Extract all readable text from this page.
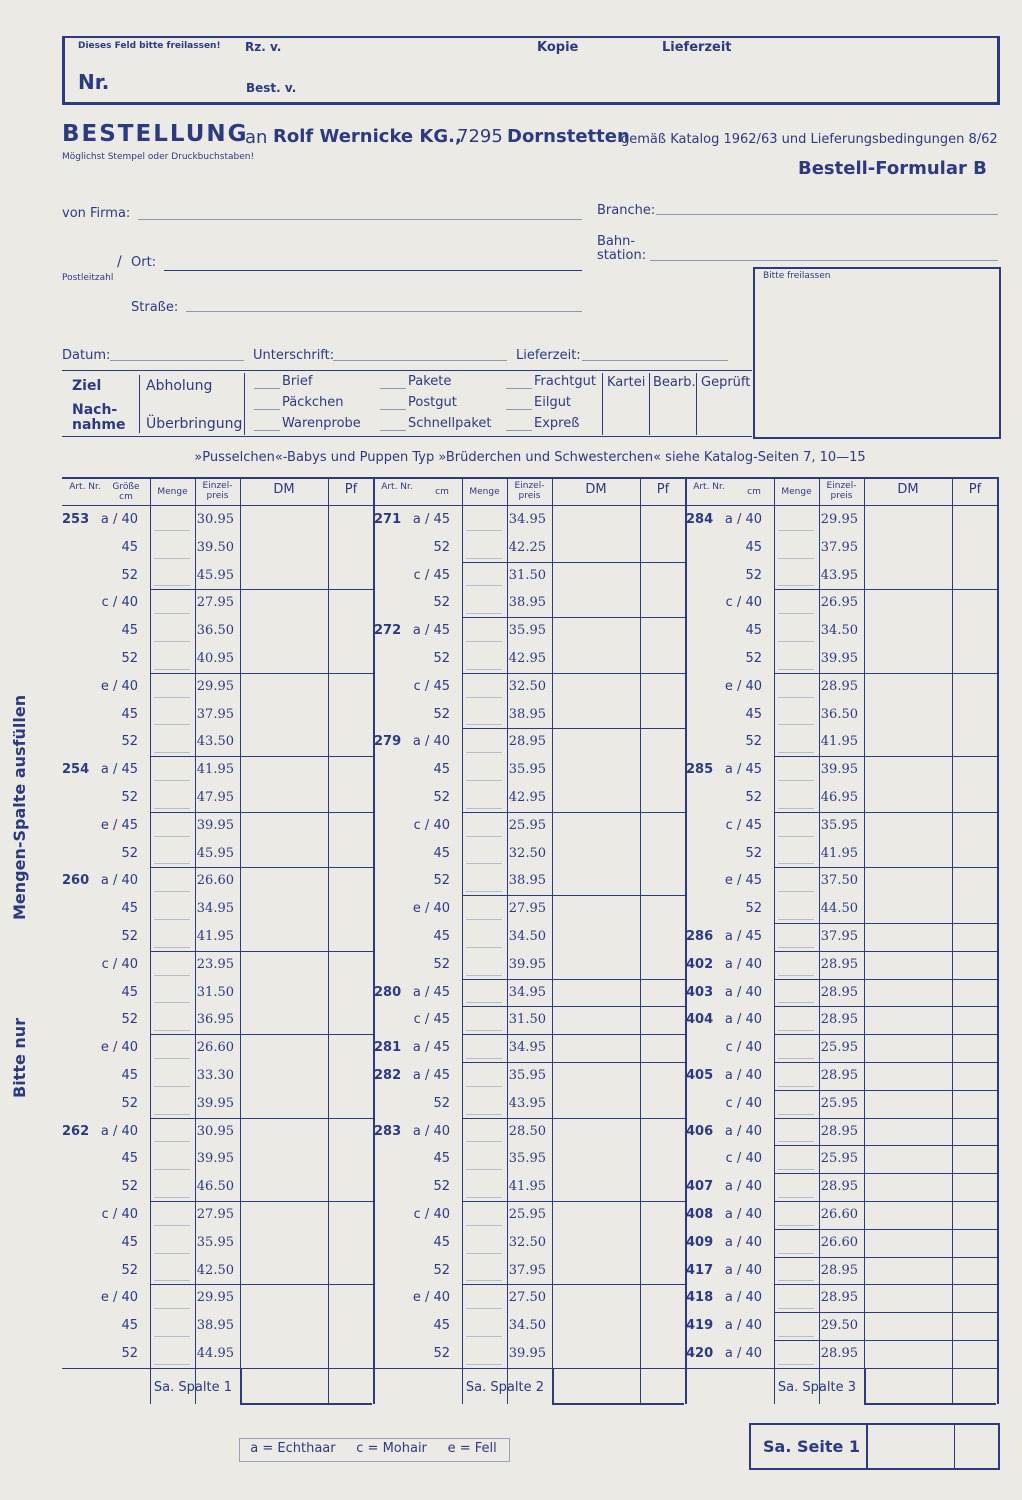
Dieses Feld bitte freilassen! Rz. v.	Kopie	Lieferzeit
Nr.	Best. v.
BESTELLUNG
an Rolf Wernicke KG.,
7295 Dornstetten
gemäß Katalog 1962/63 und Lieferungsbedingungen 8/62
Möglichst Stempel oder Druckbuchstaben!
Bestell-Formular B
von Firma:	Branche:
Bahn-
station:
/ Ort:
Postleitzahl
Straße:
Bitte freilassen
Datum:	Unterschrift:	Lieferzeit:
Ziel
Nach-
nahme
Abholung
Überbringung
Brief
Päckchen
Warenprobe
Pakete
Postgut
Schnellpaket
Frachtgut
Eilgut
Expreß
Kartei Bearb. Geprüft
»Pusselchen«-Babys und Puppen Typ »Brüderchen und Schwesterchen« siehe Katalog-Seiten 7, 10—15
Mengen-Spalte ausfüllen
Bitte nur
Art. Nr.	Größe
cm	Menge
Einzel-
preis	DM	Pf
253 a / 40	30.95
45	39.50
52	45.95
c / 40	27.95
45	36.50
52	40.95
e / 40	29.95
45	37.95
52	43.50
254 a / 45	41.95
52	47.95
e / 45	39.95
52	45.95
260 a / 40	26.60
45	34.95
52	41.95
c / 40	23.95
45	31.50
52	36.95
e / 40	26.60
45	33.30
52	39.95
262 a / 40	30.95
45	39.95
52	46.50
c / 40	27.95
45	35.95
52	42.50
e / 40	29.95
45	38.95
52	44.95
Sa. Spalte 1
Art. Nr.	cm	Menge
Einzel-
preis	DM	Pf
271 a / 45	34.95
52	42.25
c / 45	31.50
52	38.95
272 a / 45	35.95
52	42.95
c / 45	32.50
52	38.95
279 a / 40	28.95
45	35.95
52	42.95
c / 40	25.95
45	32.50
52	38.95
e / 40	27.95
45	34.50
52	39.95
280 a / 45	34.95
c / 45	31.50
281 a / 45	34.95
282 a / 45	35.95
52	43.95
283 a / 40	28.50
45	35.95
52	41.95
c / 40	25.95
45	32.50
52	37.95
e / 40	27.50
45	34.50
52	39.95
Sa. Spalte 2
Art. Nr.	cm	Menge
Einzel-
preis	DM	Pf
284 a / 40	29.95
45	37.95
52	43.95
c / 40	26.95
45	34.50
52	39.95
e / 40	28.95
45	36.50
52	41.95
285 a / 45	39.95
52	46.95
c / 45	35.95
52	41.95
e / 45	37.50
52	44.50
286 a / 45	37.95
402 a / 40	28.95
403 a / 40	28.95
404 a / 40	28.95
c / 40	25.95
405 a / 40	28.95
c / 40	25.95
406 a / 40	28.95
c / 40	25.95
407 a / 40	28.95
408 a / 40	26.60
409 a / 40	26.60
417 a / 40	28.95
418 a / 40	28.95
419 a / 40	29.50
420 a / 40	28.95
Sa. Spalte 3
a = Echthaar     c = Mohair     e = Fell	Sa. Seite 1
